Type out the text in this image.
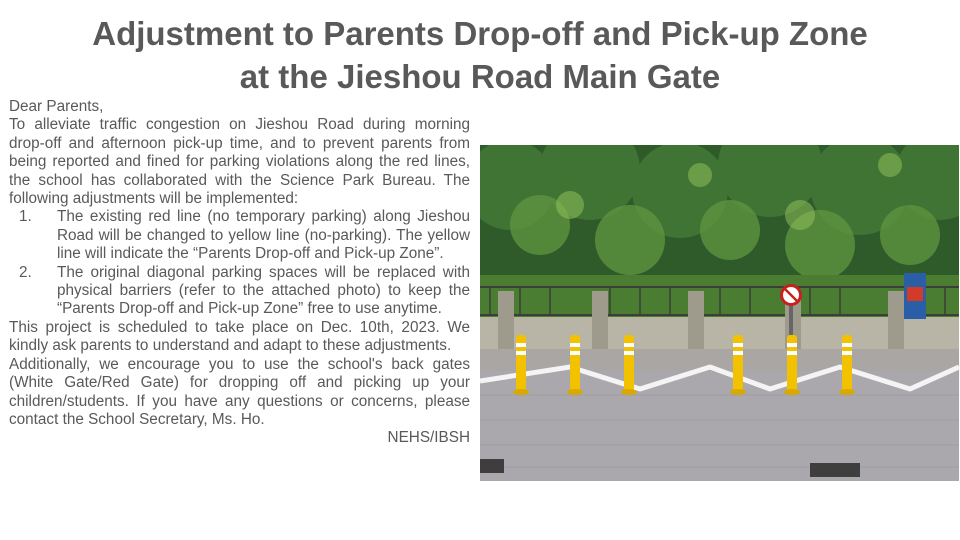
Adjustment to Parents Drop-off and Pick-up Zone
at the Jieshou Road Main Gate

Dear Parents,

To alleviate traffic congestion on Jieshou Road during morning drop-off and afternoon pick-up time, and to prevent parents from being reported and fined for parking violations along the red lines, the school has collaborated with the Science Park Bureau. The following adjustments will be implemented:

1. The existing red line (no temporary parking) along Jieshou Road will be changed to yellow line (no-parking). The yellow line will indicate the “Parents Drop-off and Pick-up Zone”.
2. The original diagonal parking spaces will be replaced with physical barriers (refer to the attached photo) to keep the “Parents Drop-off and Pick-up Zone” free to use anytime.

This project is scheduled to take place on Dec. 10th, 2023. We kindly ask parents to understand and adapt to these adjustments.

Additionally, we encourage you to use the school's back gates (White Gate/Red Gate) for dropping off and picking up your children/students. If you have any questions or concerns, please contact the School Secretary, Ms. Ho.

NEHS/IBSH
